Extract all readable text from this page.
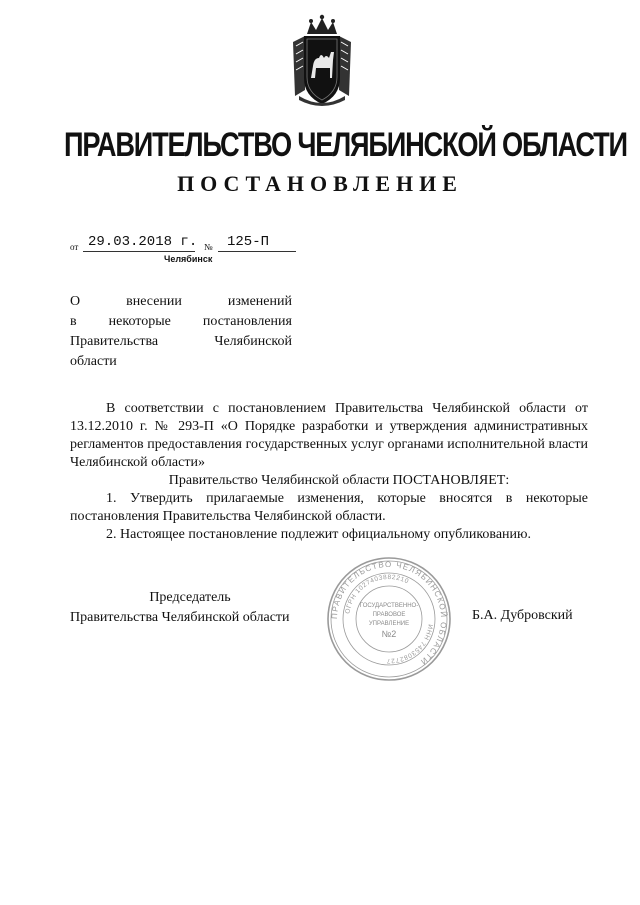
ПРАВИТЕЛЬСТВО ЧЕЛЯБИНСКОЙ ОБЛАСТИ
ПОСТАНОВЛЕНИЕ
от 29.03.2018 г. № 125-П
Челябинск
О внесении изменений
в некоторые постановления
Правительства Челябинской
области
В соответствии с постановлением Правительства Челябинской области от 13.12.2010 г. № 293-П «О Порядке разработки и утверждения административных регламентов предоставления государственных услуг органами исполнительной власти Челябинской области»
Правительство Челябинской области ПОСТАНОВЛЯЕТ:
1. Утвердить прилагаемые изменения, которые вносятся в некоторые постановления Правительства Челябинской области.
2. Настоящее постановление подлежит официальному опубликованию.
Председатель
Правительства Челябинской области	ПРАВИТЕЛЬСТВО ЧЕЛЯБИНСКОЙ ОБЛАСТИ
ОГРН 1027403882210
ИНН 7453082727
ГОСУДАРСТВЕННО-
ПРАВОВОЕ
УПРАВЛЕНИЕ
№2
Б.А. Дубровский
